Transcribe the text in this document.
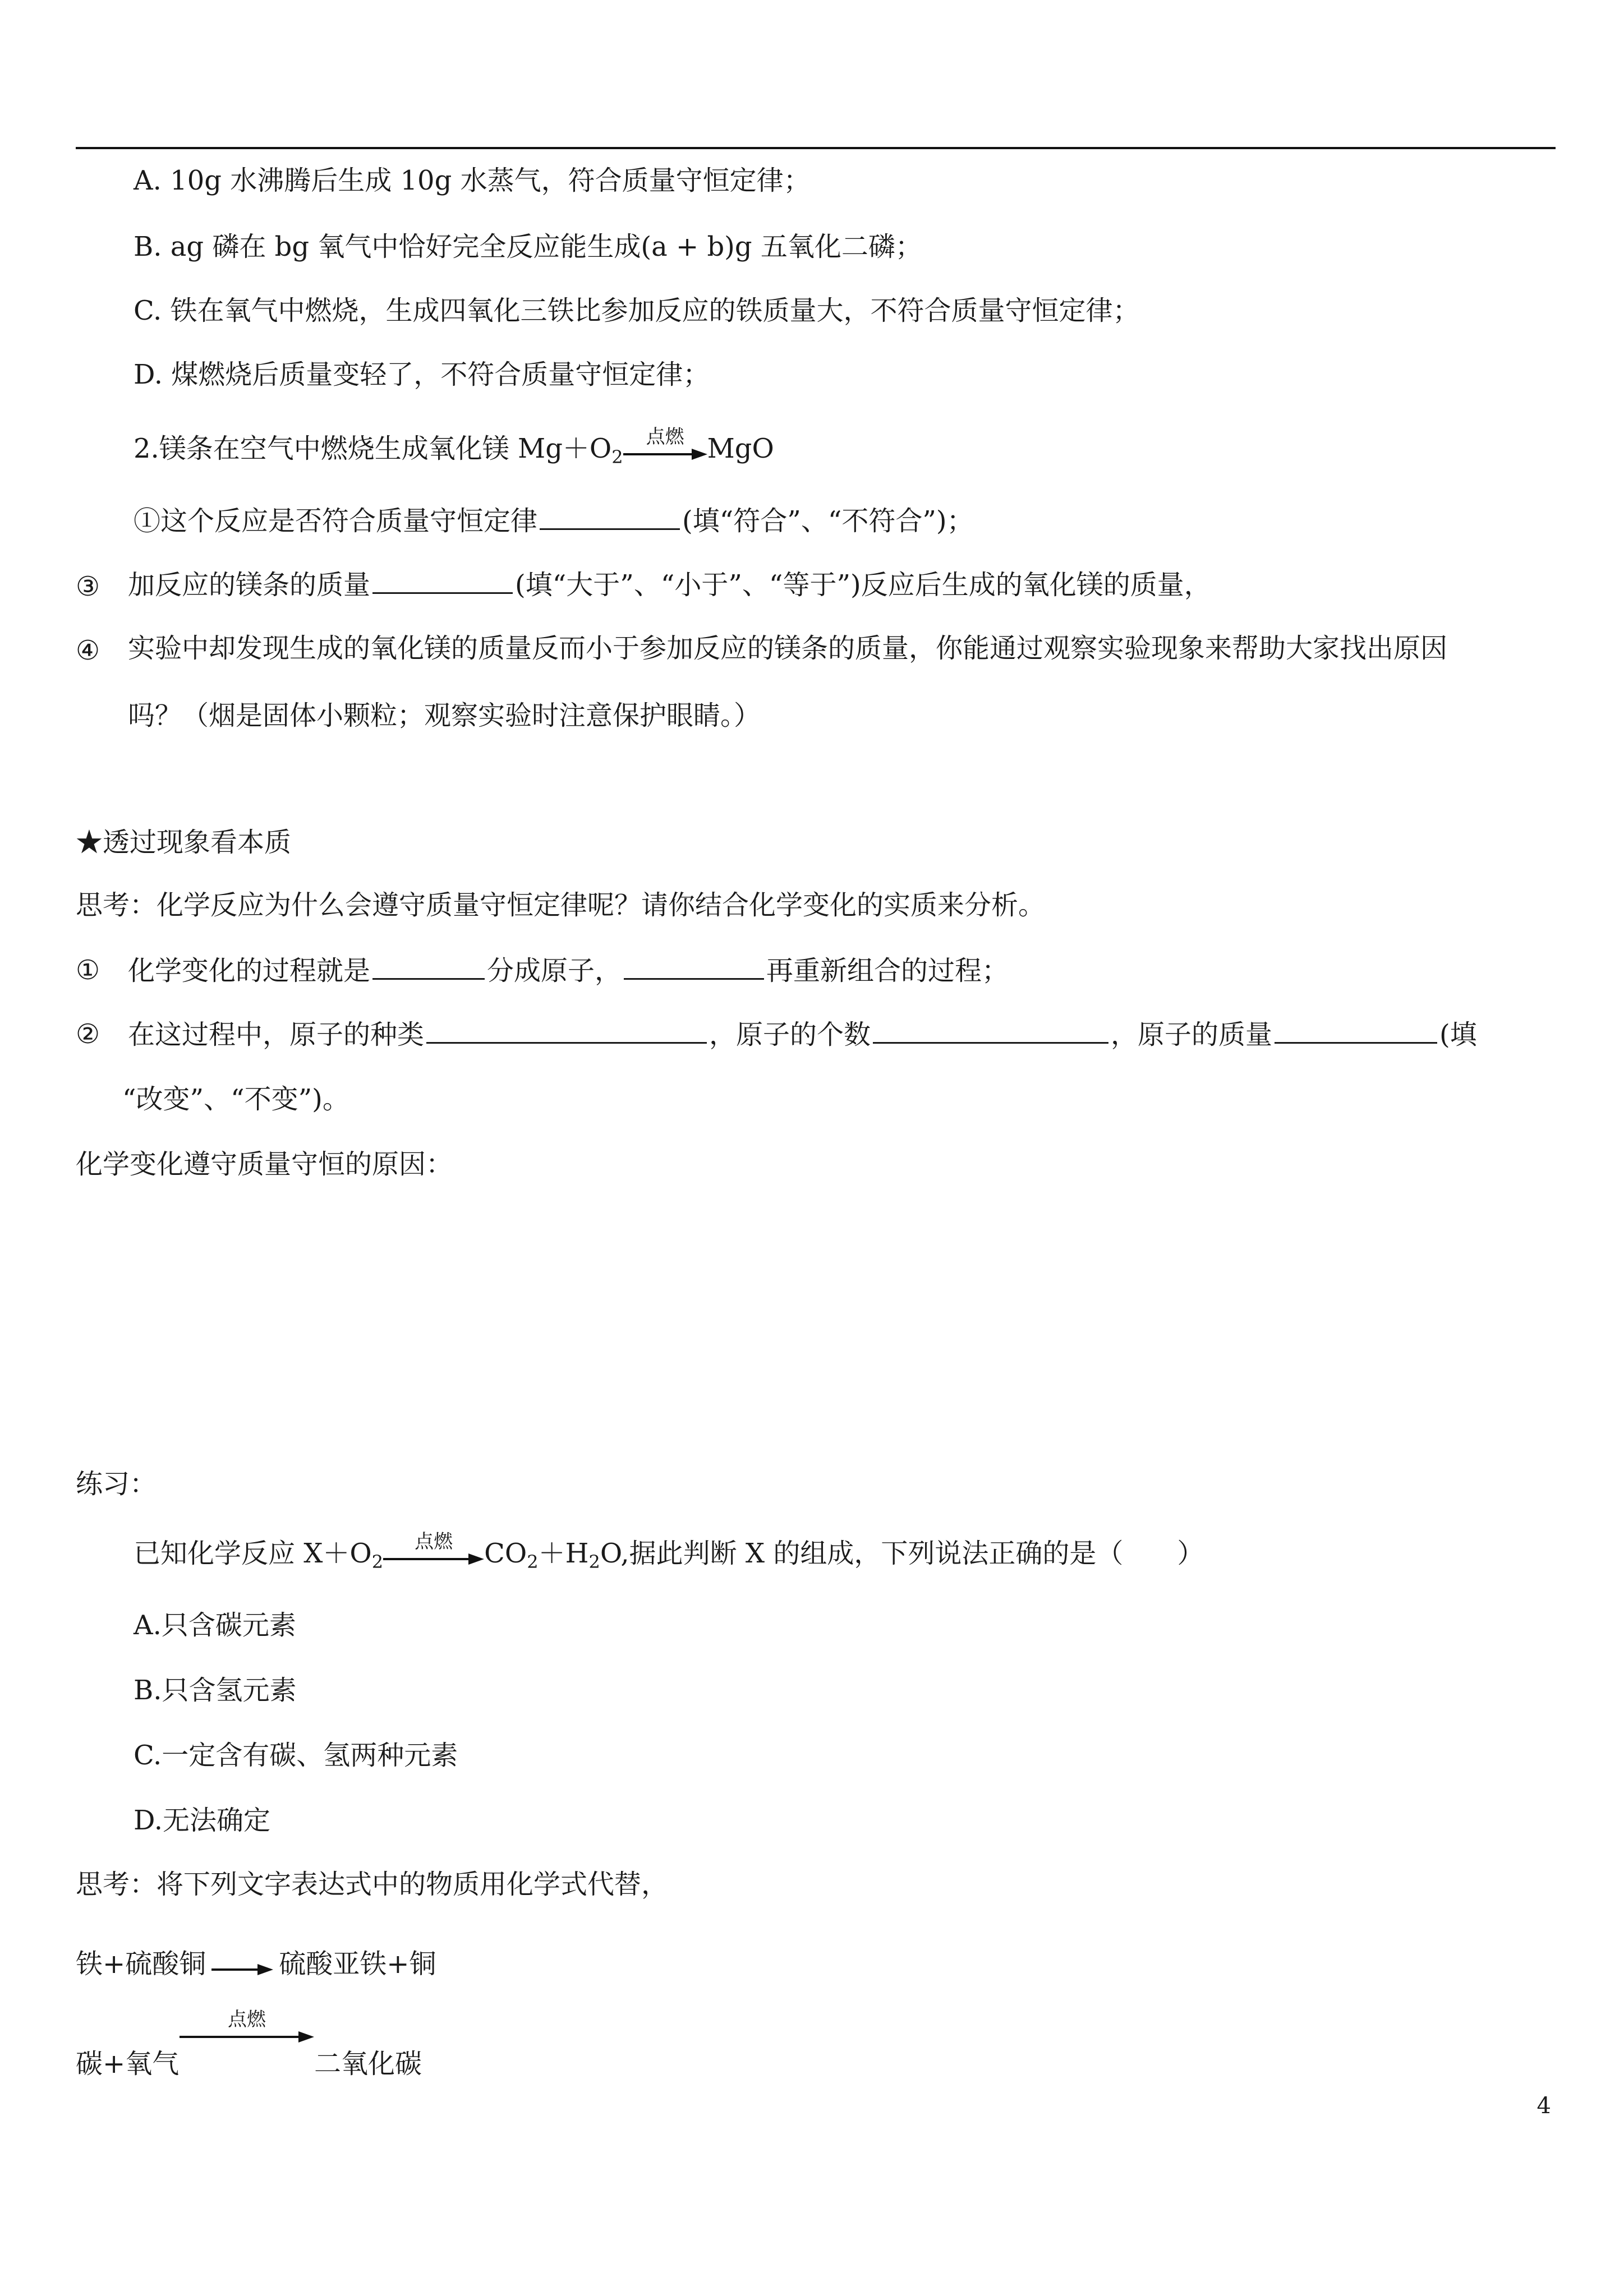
A. 10g 水沸腾后生成 10g 水蒸气，符合质量守恒定律；
B. ag 磷在 bg 氧气中恰好完全反应能生成(a + b)g 五氧化二磷；
C. 铁在氧气中燃烧，生成四氧化三铁比参加反应的铁质量大，不符合质量守恒定律；
D. 煤燃烧后质量变轻了，不符合质量守恒定律；
2.镁条在空气中燃烧生成氧化镁 $Mg+O_2$
点燃 MgO
①这个反应是否符合质量守恒定律	(填“符合”、“不符合”)；
③ 加反应的镁条的质量	(填“大于”、“小于”、“等于”)反应后生成的氧化镁的质量，
④ 实验中却发现生成的氧化镁的质量反而小于参加反应的镁条的质量，你能通过观察实验现象来帮助大家找出原因
吗？（烟是固体小颗粒；观察实验时注意保护眼睛。）
★透过现象看本质
思考：化学反应为什么会遵守质量守恒定律呢？请你结合化学变化的实质来分析。
① 化学变化的过程就是	分成原子，	再重新组合的过程；
② 在这过程中，原子的种类	，原子的个数	，原子的质量	(填
“改变”、“不变”)。
化学变化遵守质量守恒的原因：
练习：
已知化学反应 $X+O_2$
点燃	$CO_2+H_2O$,据此判断 X 的组成，下列说法正确的是（　　）
A.只含碳元素
B.只含氢元素
C.一定含有碳、氢两种元素
D.无法确定
思考：将下列文字表达式中的物质用化学式代替，
铁+硫酸铜	硫酸亚铁+铜
碳+氧气
点燃
二氧化碳
4
